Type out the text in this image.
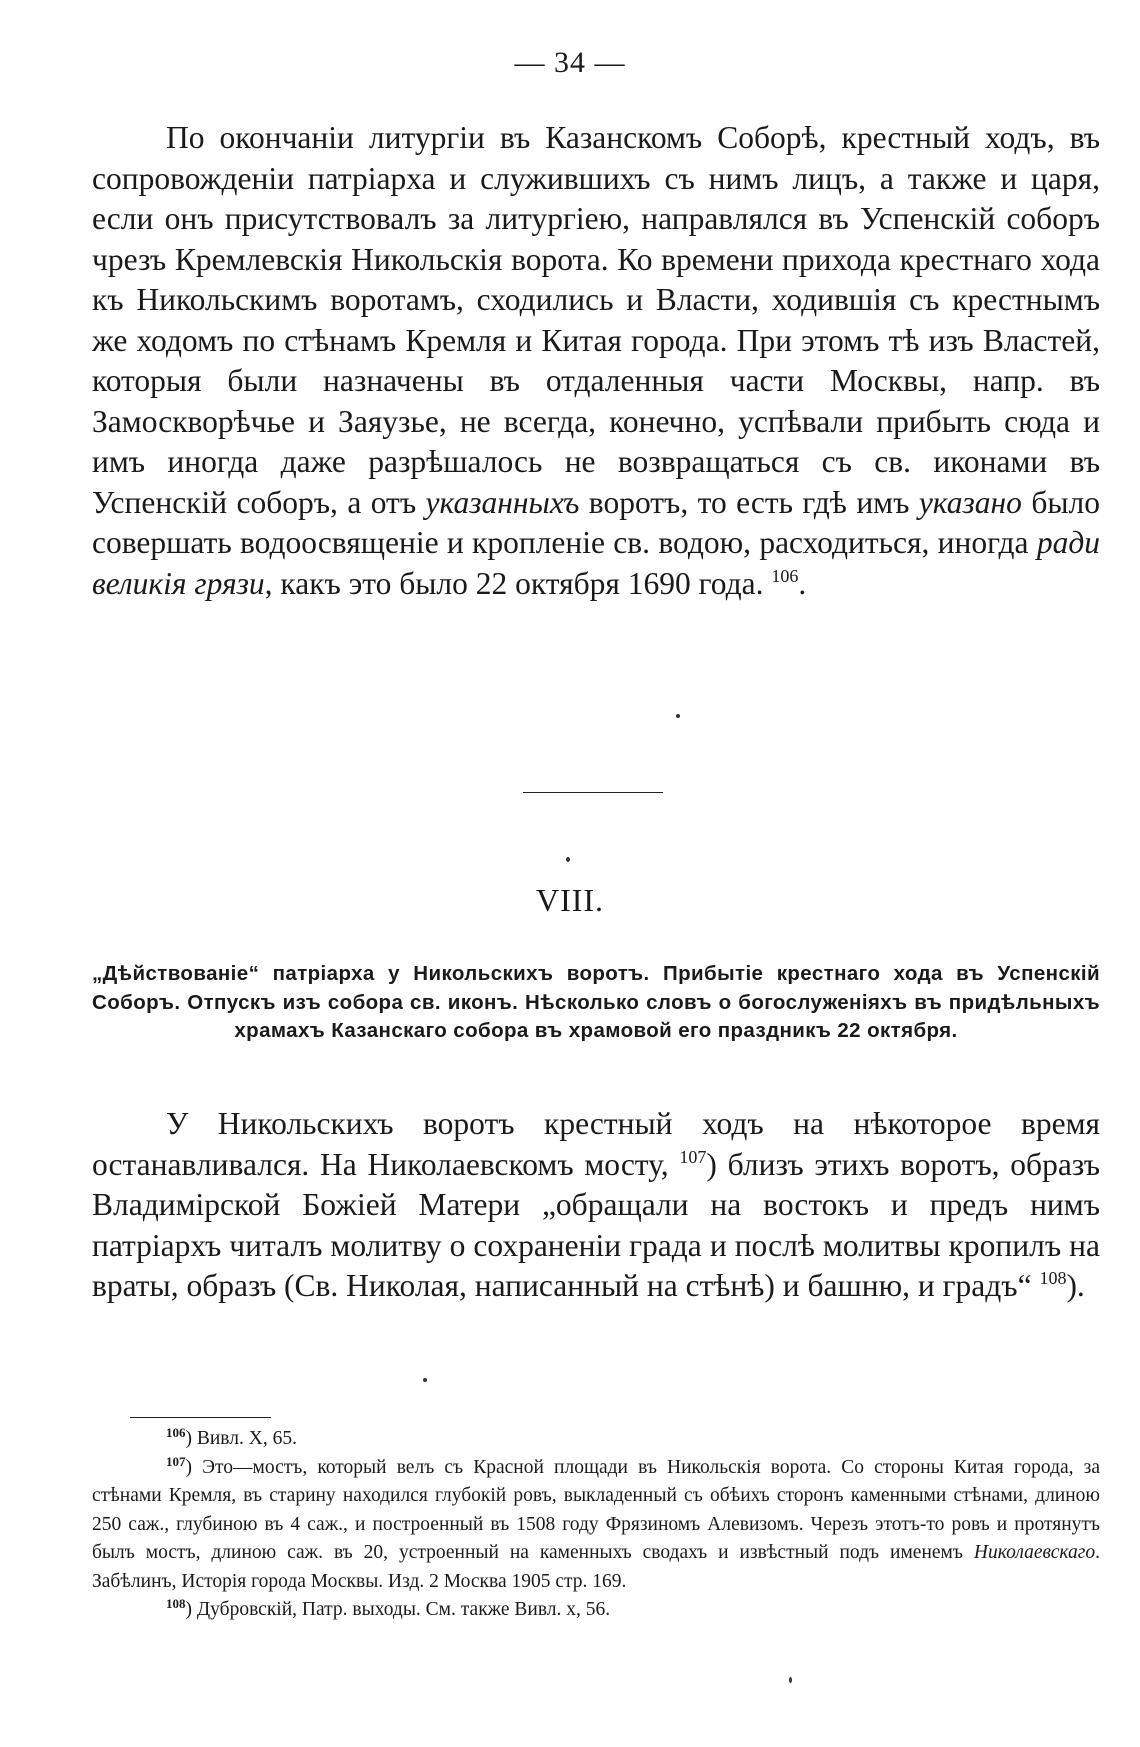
— 34 —

По окончаніи литургіи въ Казанскомъ Соборѣ, крестный ходъ, въ сопровожденіи патріарха и служившихъ съ нимъ лицъ, а также и царя, если онъ присутствовалъ за литургіею, направлялся въ Успенскій соборъ чрезъ Кремлевскія Никольскія ворота. Ко времени прихода крестнаго хода къ Никольскимъ воротамъ, сходились и Власти, ходившія съ крестнымъ же ходомъ по стѣнамъ Кремля и Китая города. При этомъ тѣ изъ Властей, которыя были назначены въ отдаленныя части Москвы, напр. въ Замоскворѣчье и Заяузье, не всегда, конечно, успѣвали прибыть сюда и имъ иногда даже разрѣшалось не возвращаться съ св. иконами въ Успенскій соборъ, а отъ указанныхъ воротъ, то есть гдѣ имъ указано было совершать водоосвященіе и кропленіе св. водою, расходиться, иногда ради великія грязи, какъ это было 22 октября 1690 года. $^{106}$.

VIII.

„Дѣйствованіе“ патріарха у Никольскихъ воротъ. Прибытіе крестнаго хода въ Успенскій Соборъ. Отпускъ изъ собора св. иконъ. Нѣсколько словъ о богослуженіяхъ въ придѣльныхъ храмахъ Казанскаго собора въ храмовой его праздникъ 22 октября.

У Никольскихъ воротъ крестный ходъ на нѣкоторое время останавливался. На Николаевскомъ мосту, $^{107}$) близъ этихъ воротъ, образъ Владимірской Божіей Матери „обращали на востокъ и предъ нимъ патріархъ читалъ молитву о сохраненіи града и послѣ молитвы кропилъ на враты, образъ (Св. Николая, написанный на стѣнѣ) и башню, и градъ“ $^{108}$).

$^{106}$) Вивл. X, 65.

$^{107}$) Это—мостъ, который велъ съ Красной площади въ Никольскія ворота. Со стороны Китая города, за стѣнами Кремля, въ старину находился глубокій ровъ, выкладенный съ обѣихъ сторонъ каменными стѣнами, длиною 250 саж., глубиною въ 4 саж., и построенный въ 1508 году Фрязиномъ Алевизомъ. Черезъ этотъ-то ровъ и протянутъ былъ мостъ, длиною саж. въ 20, устроенный на каменныхъ сводахъ и извѣстный подъ именемъ Николаевскаго. Забѣлинъ, Исторія города Москвы. Изд. 2 Москва 1905 стр. 169.

$^{108}$) Дубровскій, Патр. выходы. См. также Вивл. x, 56.
